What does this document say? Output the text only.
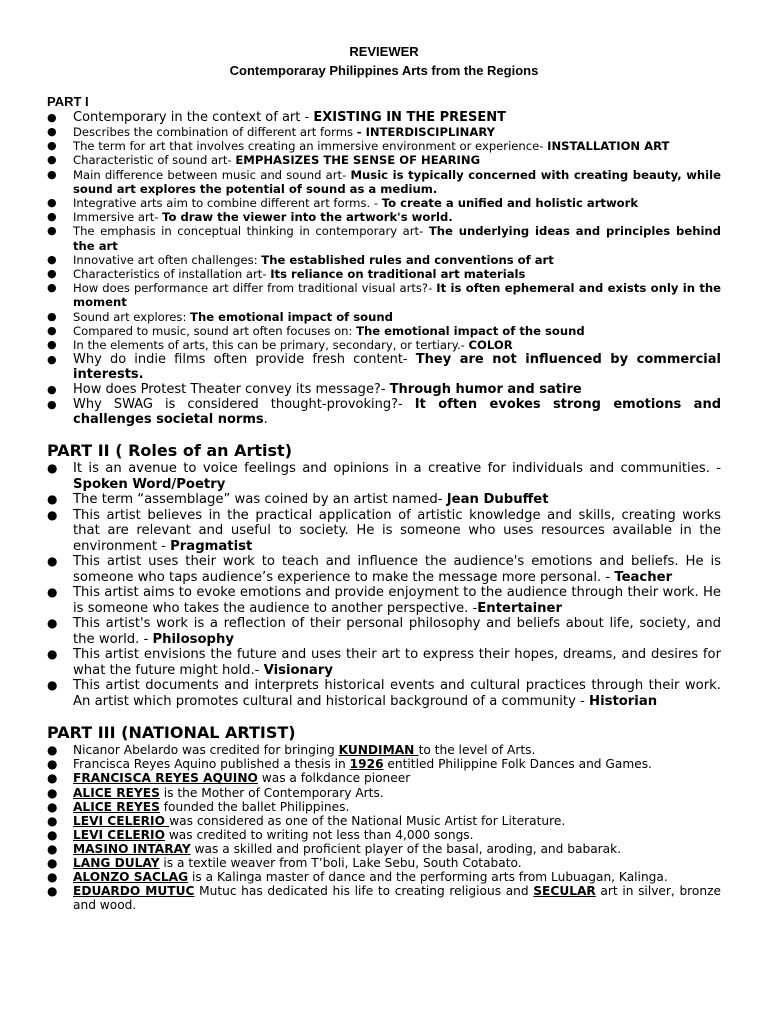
REVIEWER
Contemporaray Philippines Arts from the Regions
PART I
● Contemporary in the context of art - EXISTING IN THE PRESENT
● Describes the combination of different art forms - INTERDISCIPLINARY
● The term for art that involves creating an immersive environment or experience- INSTALLATION ART
● Characteristic of sound art- EMPHASIZES THE SENSE OF HEARING
● Main difference between music and sound art- Music is typically concerned with creating beauty, while sound art explores the potential of sound as a medium.
● Integrative arts aim to combine different art forms. - To create a unified and holistic artwork
● Immersive art- To draw the viewer into the artwork's world.
● The emphasis in conceptual thinking in contemporary art- The underlying ideas and principles behind the art
● Innovative art often challenges: The established rules and conventions of art
● Characteristics of installation art- Its reliance on traditional art materials
● How does performance art differ from traditional visual arts?- It is often ephemeral and exists only in the moment
● Sound art explores: The emotional impact of sound
● Compared to music, sound art often focuses on: The emotional impact of the sound
● In the elements of arts, this can be primary, secondary, or tertiary.- COLOR
● Why do indie films often provide fresh content- They are not influenced by commercial interests.
● How does Protest Theater convey its message?- Through humor and satire
● Why SWAG is considered thought-provoking?- It often evokes strong emotions and challenges societal norms.
PART II ( Roles of an Artist)
● It is an avenue to voice feelings and opinions in a creative for individuals and communities. -Spoken Word/Poetry
● The term “assemblage” was coined by an artist named- Jean Dubuffet
● This artist believes in the practical application of artistic knowledge and skills, creating works that are relevant and useful to society. He is someone who uses resources available in the environment - Pragmatist
● This artist uses their work to teach and influence the audience's emotions and beliefs. He is someone who taps audience’s experience to make the message more personal. - Teacher
● This artist aims to evoke emotions and provide enjoyment to the audience through their work. He is someone who takes the audience to another perspective. -Entertainer
● This artist's work is a reflection of their personal philosophy and beliefs about life, society, and the world. - Philosophy
● This artist envisions the future and uses their art to express their hopes, dreams, and desires for what the future might hold.- Visionary
● This artist documents and interprets historical events and cultural practices through their work. An artist which promotes cultural and historical background of a community - Historian
PART III (NATIONAL ARTIST)
● Nicanor Abelardo was credited for bringing KUNDIMAN to the level of Arts.
● Francisca Reyes Aquino published a thesis in 1926 entitled Philippine Folk Dances and Games.
● FRANCISCA REYES AQUINO was a folkdance pioneer
● ALICE REYES is the Mother of Contemporary Arts.
● ALICE REYES founded the ballet Philippines.
● LEVI CELERIO was considered as one of the National Music Artist for Literature.
● LEVI CELERIO was credited to writing not less than 4,000 songs.
● MASINO INTARAY was a skilled and proficient player of the basal, aroding, and babarak.
● LANG DULAY is a textile weaver from T’boli, Lake Sebu, South Cotabato.
● ALONZO SACLAG is a Kalinga master of dance and the performing arts from Lubuagan, Kalinga.
● EDUARDO MUTUC Mutuc has dedicated his life to creating religious and SECULAR art in silver, bronze and wood.
